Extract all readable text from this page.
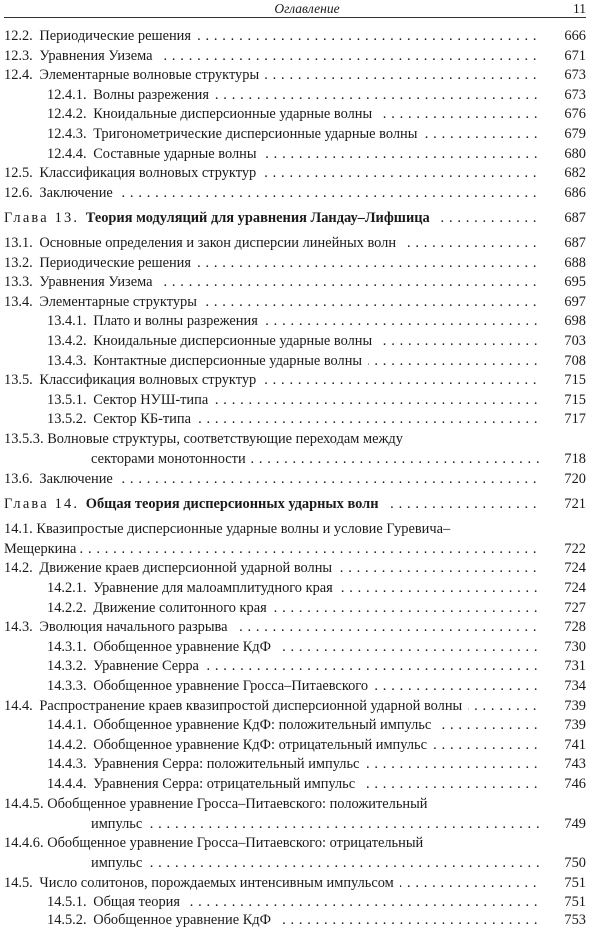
Оглавление	11
12.2. Периодические решения . . .	666
12.3. Уравнения Уизема . . .	671
12.4. Элементарные волновые структуры . . .	673
12.4.1. Волны разрежения . . .	673
12.4.2. Кноидальные дисперсионные ударные волны . . .	676
12.4.3. Тригонометрические дисперсионные ударные волны . . .	679
12.4.4. Составные ударные волны . . .	680
12.5. Классификация волновых структур . . .	682
12.6. Заключение . . .	686
Глава 13. Теория модуляций для уравнения Ландау–Лифшица . . .	687
13.1. Основные определения и закон дисперсии линейных волн . . .	687
13.2. Периодические решения . . .	688
13.3. Уравнения Уизема . . .	695
13.4. Элементарные структуры . . .	697
13.4.1. Плато и волны разрежения . . .	698
13.4.2. Кноидальные дисперсионные ударные волны . . .	703
13.4.3. Контактные дисперсионные ударные волны . . .	708
13.5. Классификация волновых структур . . .	715
13.5.1. Сектор НУШ-типа . . .	715
13.5.2. Сектор КБ-типа . . .	717
13.5.3. Волновые структуры, соответствующие переходам между
секторами монотонности . . .	718
13.6. Заключение . . .	720
Глава 14. Общая теория дисперсионных ударных волн . . .	721
14.1. Квазипростые дисперсионные ударные волны и условие Гуревича–
Мещеркина . . .	722
14.2. Движение краев дисперсионной ударной волны . . .	724
14.2.1. Уравнение для малоамплитудного края . . .	724
14.2.2. Движение солитонного края . . .	727
14.3. Эволюция начального разрыва . . .	728
14.3.1. Обобщенное уравнение КдФ . . .	730
14.3.2. Уравнение Серра . . .	731
14.3.3. Обобщенное уравнение Гросса–Питаевского . . .	734
14.4. Распространение краев квазипростой дисперсионной ударной волны . . .	739
14.4.1. Обобщенное уравнение КдФ: положительный импульс . . .	739
14.4.2. Обобщенное уравнение КдФ: отрицательный импульс . . .	741
14.4.3. Уравнения Серра: положительный импульс . . .	743
14.4.4. Уравнения Серра: отрицательный импульс . . .	746
14.4.5. Обобщенное уравнение Гросса–Питаевского: положительный
импульс . . .	749
14.4.6. Обобщенное уравнение Гросса–Питаевского: отрицательный
импульс . . .	750
14.5. Число солитонов, порождаемых интенсивным импульсом . . .	751
14.5.1. Общая теория . . .	751
14.5.2. Обобщенное уравнение КдФ . . .	753
